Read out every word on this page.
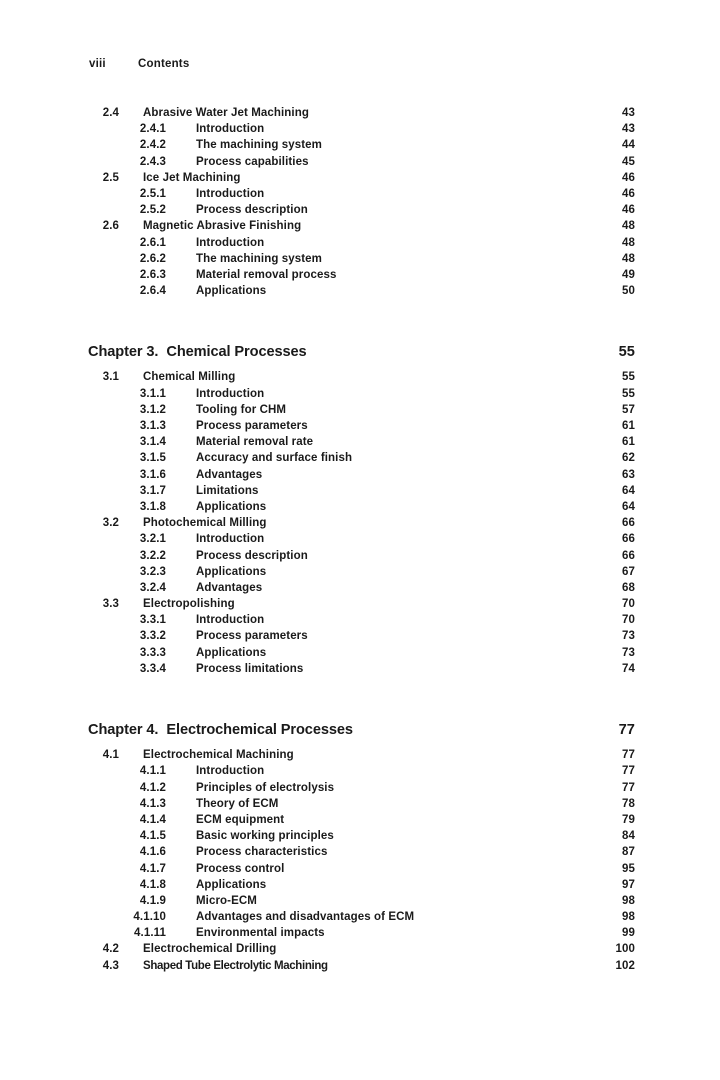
viii	Contents
2.4 Abrasive Water Jet Machining	43
2.4.1	Introduction	43
2.4.2	The machining system	44
2.4.3	Process capabilities	45
2.5 Ice Jet Machining	46
2.5.1	Introduction	46
2.5.2	Process description	46
2.6 Magnetic Abrasive Finishing	48
2.6.1	Introduction	48
2.6.2	The machining system	48
2.6.3	Material removal process	49
2.6.4	Applications	50
Chapter 3. Chemical Processes	55
3.1 Chemical Milling	55
3.1.1	Introduction	55
3.1.2	Tooling for CHM	57
3.1.3	Process parameters	61
3.1.4	Material removal rate	61
3.1.5	Accuracy and surface finish	62
3.1.6	Advantages	63
3.1.7	Limitations	64
3.1.8	Applications	64
3.2 Photochemical Milling	66
3.2.1	Introduction	66
3.2.2	Process description	66
3.2.3	Applications	67
3.2.4	Advantages	68
3.3 Electropolishing	70
3.3.1	Introduction	70
3.3.2	Process parameters	73
3.3.3	Applications	73
3.3.4	Process limitations	74
Chapter 4. Electrochemical Processes	77
4.1 Electrochemical Machining	77
4.1.1	Introduction	77
4.1.2	Principles of electrolysis	77
4.1.3	Theory of ECM	78
4.1.4	ECM equipment	79
4.1.5	Basic working principles	84
4.1.6	Process characteristics	87
4.1.7	Process control	95
4.1.8	Applications	97
4.1.9	Micro-ECM	98
4.1.10	Advantages and disadvantages of ECM	98
4.1.11	Environmental impacts	99
4.2 Electrochemical Drilling	100
4.3 Shaped Tube Electrolytic Machining	102
